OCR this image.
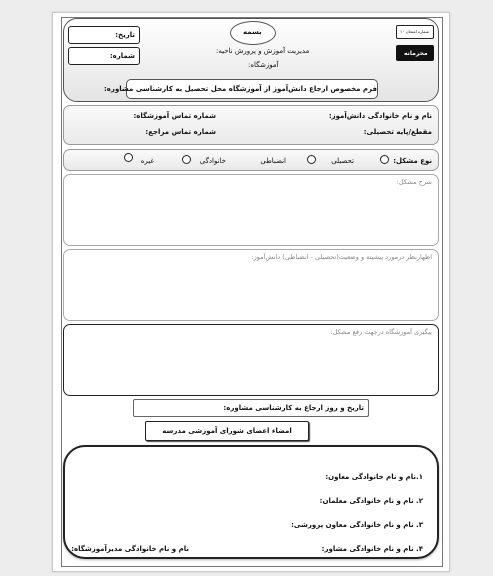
بسمه
تاریخ:
شماره:
شماره امتحان ۱۰
محرمانه
مدیریت آموزش و پرورش ناحیه:
آموزشگاه:
فرم مخصوص ارجاع دانش‌آموز از آموزشگاه محل تحصیل به کارشناسی مشاوره:
نام و نام خانوادگی دانش‌آموز:
شماره تماس آموزشگاه:
مقطع/پایه تحصیلی:
شماره تماس مراجع:
نوع مشکل:
تحصیلی
انضباطی
خانوادگی
غیره
شرح مشکل:
اظهارنظر درمورد پیشینه و وضعیت(تحصیلی - انضباطی) دانش‌آموز:
پیگیری آموزشگاه درجهت رفع مشکل:
تاریخ و روز ارجاع به کارشناسی مشاوره:
امضاء اعضای شورای آموزشی مدرسه
۱.نام و نام خانوادگی معاون:
۲. نام و نام خانوادگی معلمان:
۳. نام و نام خانوادگی معاون پرورشی:
۴. نام و نام خانوادگی مشاور:
نام و نام خانوادگی مدیرآموزشگاه:
